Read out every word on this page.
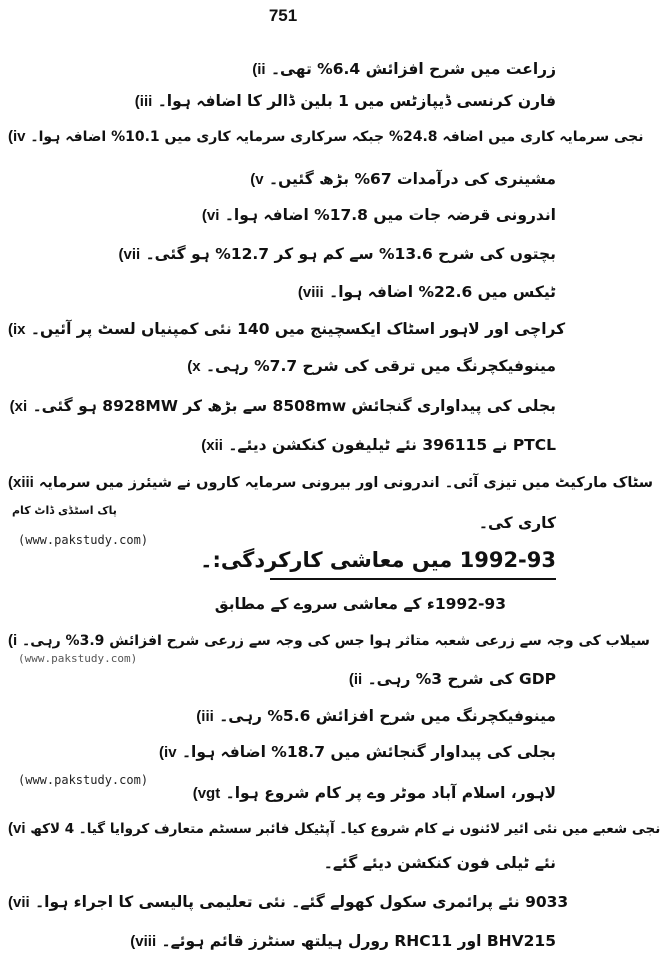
751
(ii زراعت میں شرح افزائش 6.4% تھی۔
(iii فارن کرنسی ڈیپازٹس میں 1 بلین ڈالر کا اضافہ ہوا۔
(iv نجی سرمایہ کاری میں اضافہ 24.8% جبکہ سرکاری سرمایہ کاری میں 10.1% اضافہ ہوا۔
(v مشینری کی درآمدات 67% بڑھ گئیں۔
(vi اندرونی قرضہ جات میں 17.8% اضافہ ہوا۔
(vii بچتوں کی شرح 13.6% سے کم ہو کر 12.7% ہو گئی۔
(viii ٹیکس میں 22.6% اضافہ ہوا۔
(ix کراچی اور لاہور اسٹاک ایکسچینج میں 140 نئی کمپنیاں لسٹ پر آئیں۔
(x مینوفیکچرنگ میں ترقی کی شرح 7.7% رہی۔
(xi بجلی کی پیداواری گنجائش 8508mw سے بڑھ کر 8928MW ہو گئی۔
(xii PTCL نے 396115 نئے ٹیلیفون کنکشن دیئے۔
(xiii سٹاک مارکیٹ میں تیزی آئی۔ اندرونی اور بیرونی سرمایہ کاروں نے شیئرز میں سرمایہ
پاک اسٹڈی ڈاٹ کام
کاری کی۔
(www.pakstudy.com)
1992-93 میں معاشی کارکردگی:۔
1992-93ء کے معاشی سروے کے مطابق
(i سیلاب کی وجہ سے زرعی شعبہ متاثر ہوا جس کی وجہ سے زرعی شرح افزائش 3.9% رہی۔
(www.pakstudy.com)
(ii GDP کی شرح 3% رہی۔
(iii مینوفیکچرنگ میں شرح افزائش 5.6% رہی۔
(iv بجلی کی پیداوار گنجائش میں 18.7% اضافہ ہوا۔
(www.pakstudy.com)
(vgt لاہور، اسلام آباد موٹر وے پر کام شروع ہوا۔
(vi نجی شعبے میں نئی ائیر لائنوں نے کام شروع کیا۔ آپٹیکل فائبر سسٹم متعارف کروایا گیا۔ 4 لاکھ
نئے ٹیلی فون کنکشن دیئے گئے۔
(vii 9033 نئے پرائمری سکول کھولے گئے۔ نئی تعلیمی پالیسی کا اجراء ہوا۔
(viii BHV215 اور RHC11 رورل ہیلتھ سنٹرز قائم ہوئے۔
